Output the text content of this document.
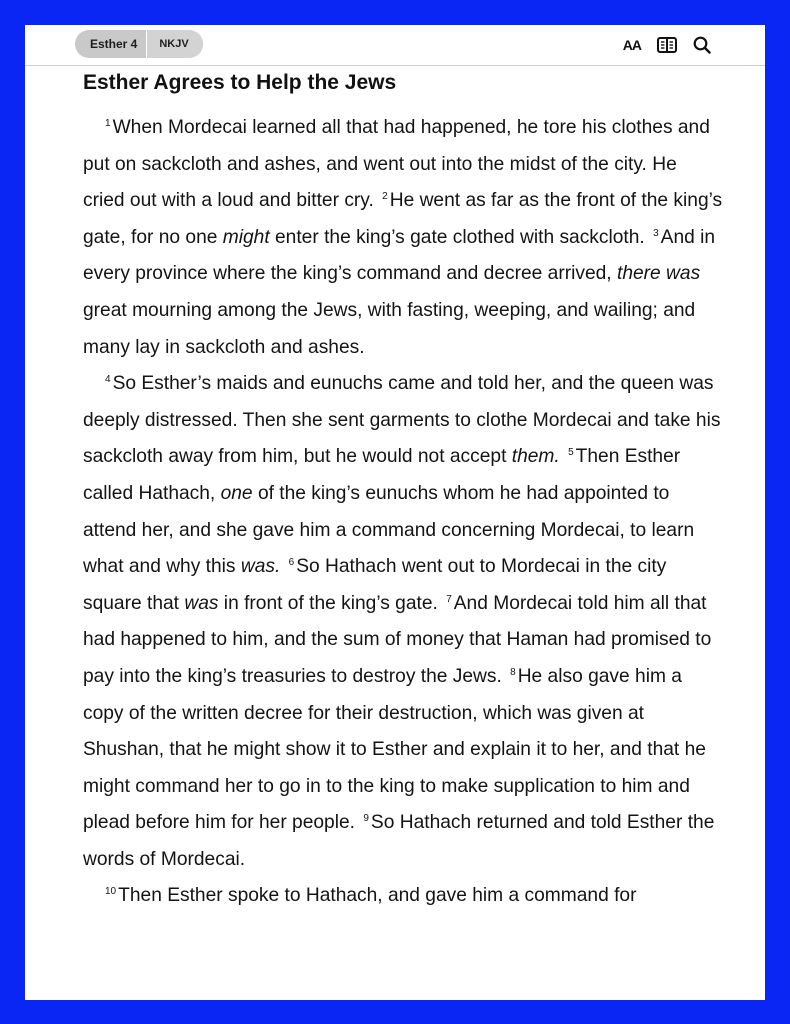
Esther 4	NKJV	AA
Esther Agrees to Help the Jews

$^1$ When Mordecai learned all that had happened, he tore his clothes and put on sackcloth and ashes, and went out into the midst of the city. He cried out with a loud and bitter cry. $^2$ He went as far as the front of the king’s gate, for no one might enter the king’s gate clothed with sackcloth. $^3$ And in every province where the king’s command and decree arrived, there was great mourning among the Jews, with fasting, weeping, and wailing; and many lay in sackcloth and ashes.

$^4$ So Esther’s maids and eunuchs came and told her, and the queen was deeply distressed. Then she sent garments to clothe Mordecai and take his sackcloth away from him, but he would not accept them. $^5$ Then Esther called Hathach, one of the king’s eunuchs whom he had appointed to attend her, and she gave him a command concerning Mordecai, to learn what and why this was. $^6$ So Hathach went out to Mordecai in the city square that was in front of the king’s gate. $^7$ And Mordecai told him all that had happened to him, and the sum of money that Haman had promised to pay into the king’s treasuries to destroy the Jews. $^8$ He also gave him a copy of the written decree for their destruction, which was given at Shushan, that he might show it to Esther and explain it to her, and that he might command her to go in to the king to make supplication to him and plead before him for her people. $^9$ So Hathach returned and told Esther the words of Mordecai.

$^{10}$ Then Esther spoke to Hathach, and gave him a command for
